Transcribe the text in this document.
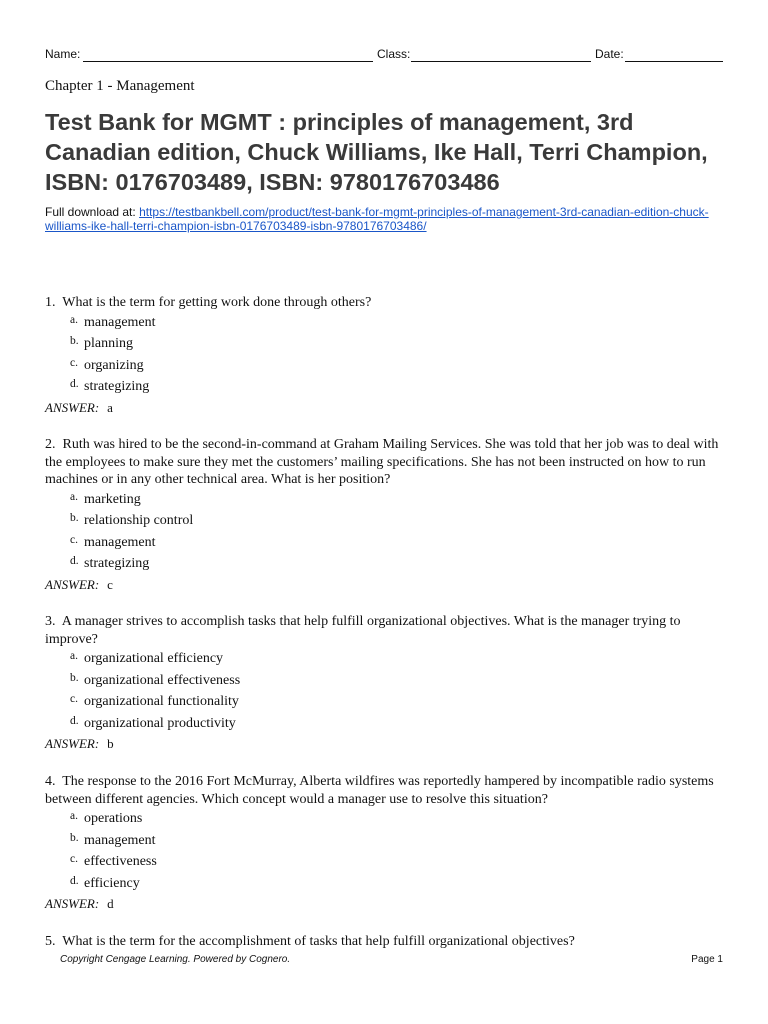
Name:	Class:	Date:
Chapter 1 - Management
Test Bank for MGMT : principles of management, 3rd Canadian edition, Chuck Williams, Ike Hall, Terri Champion, ISBN: 0176703489, ISBN: 9780176703486
Full download at: https://testbankbell.com/product/test-bank-for-mgmt-principles-of-management-3rd-canadian-edition-chuck-williams-ike-hall-terri-champion-isbn-0176703489-isbn-9780176703486/

1. What is the term for getting work done through others?

a. management
b. planning
c. organizing
d. strategizing
ANSWER: a

2. Ruth was hired to be the second-in-command at Graham Mailing Services. She was told that her job was to deal with the employees to make sure they met the customers’ mailing specifications. She has not been instructed on how to run machines or in any other technical area. What is her position?

a. marketing
b. relationship control
c. management
d. strategizing
ANSWER: c

3. A manager strives to accomplish tasks that help fulfill organizational objectives. What is the manager trying to improve?

a. organizational efficiency
b. organizational effectiveness
c. organizational functionality
d. organizational productivity
ANSWER: b

4. The response to the 2016 Fort McMurray, Alberta wildfires was reportedly hampered by incompatible radio systems between different agencies. Which concept would a manager use to resolve this situation?

a. operations
b. management
c. effectiveness
d. efficiency
ANSWER: d

5. What is the term for the accomplishment of tasks that help fulfill organizational objectives?

Copyright Cengage Learning. Powered by Cognero.	Page 1
